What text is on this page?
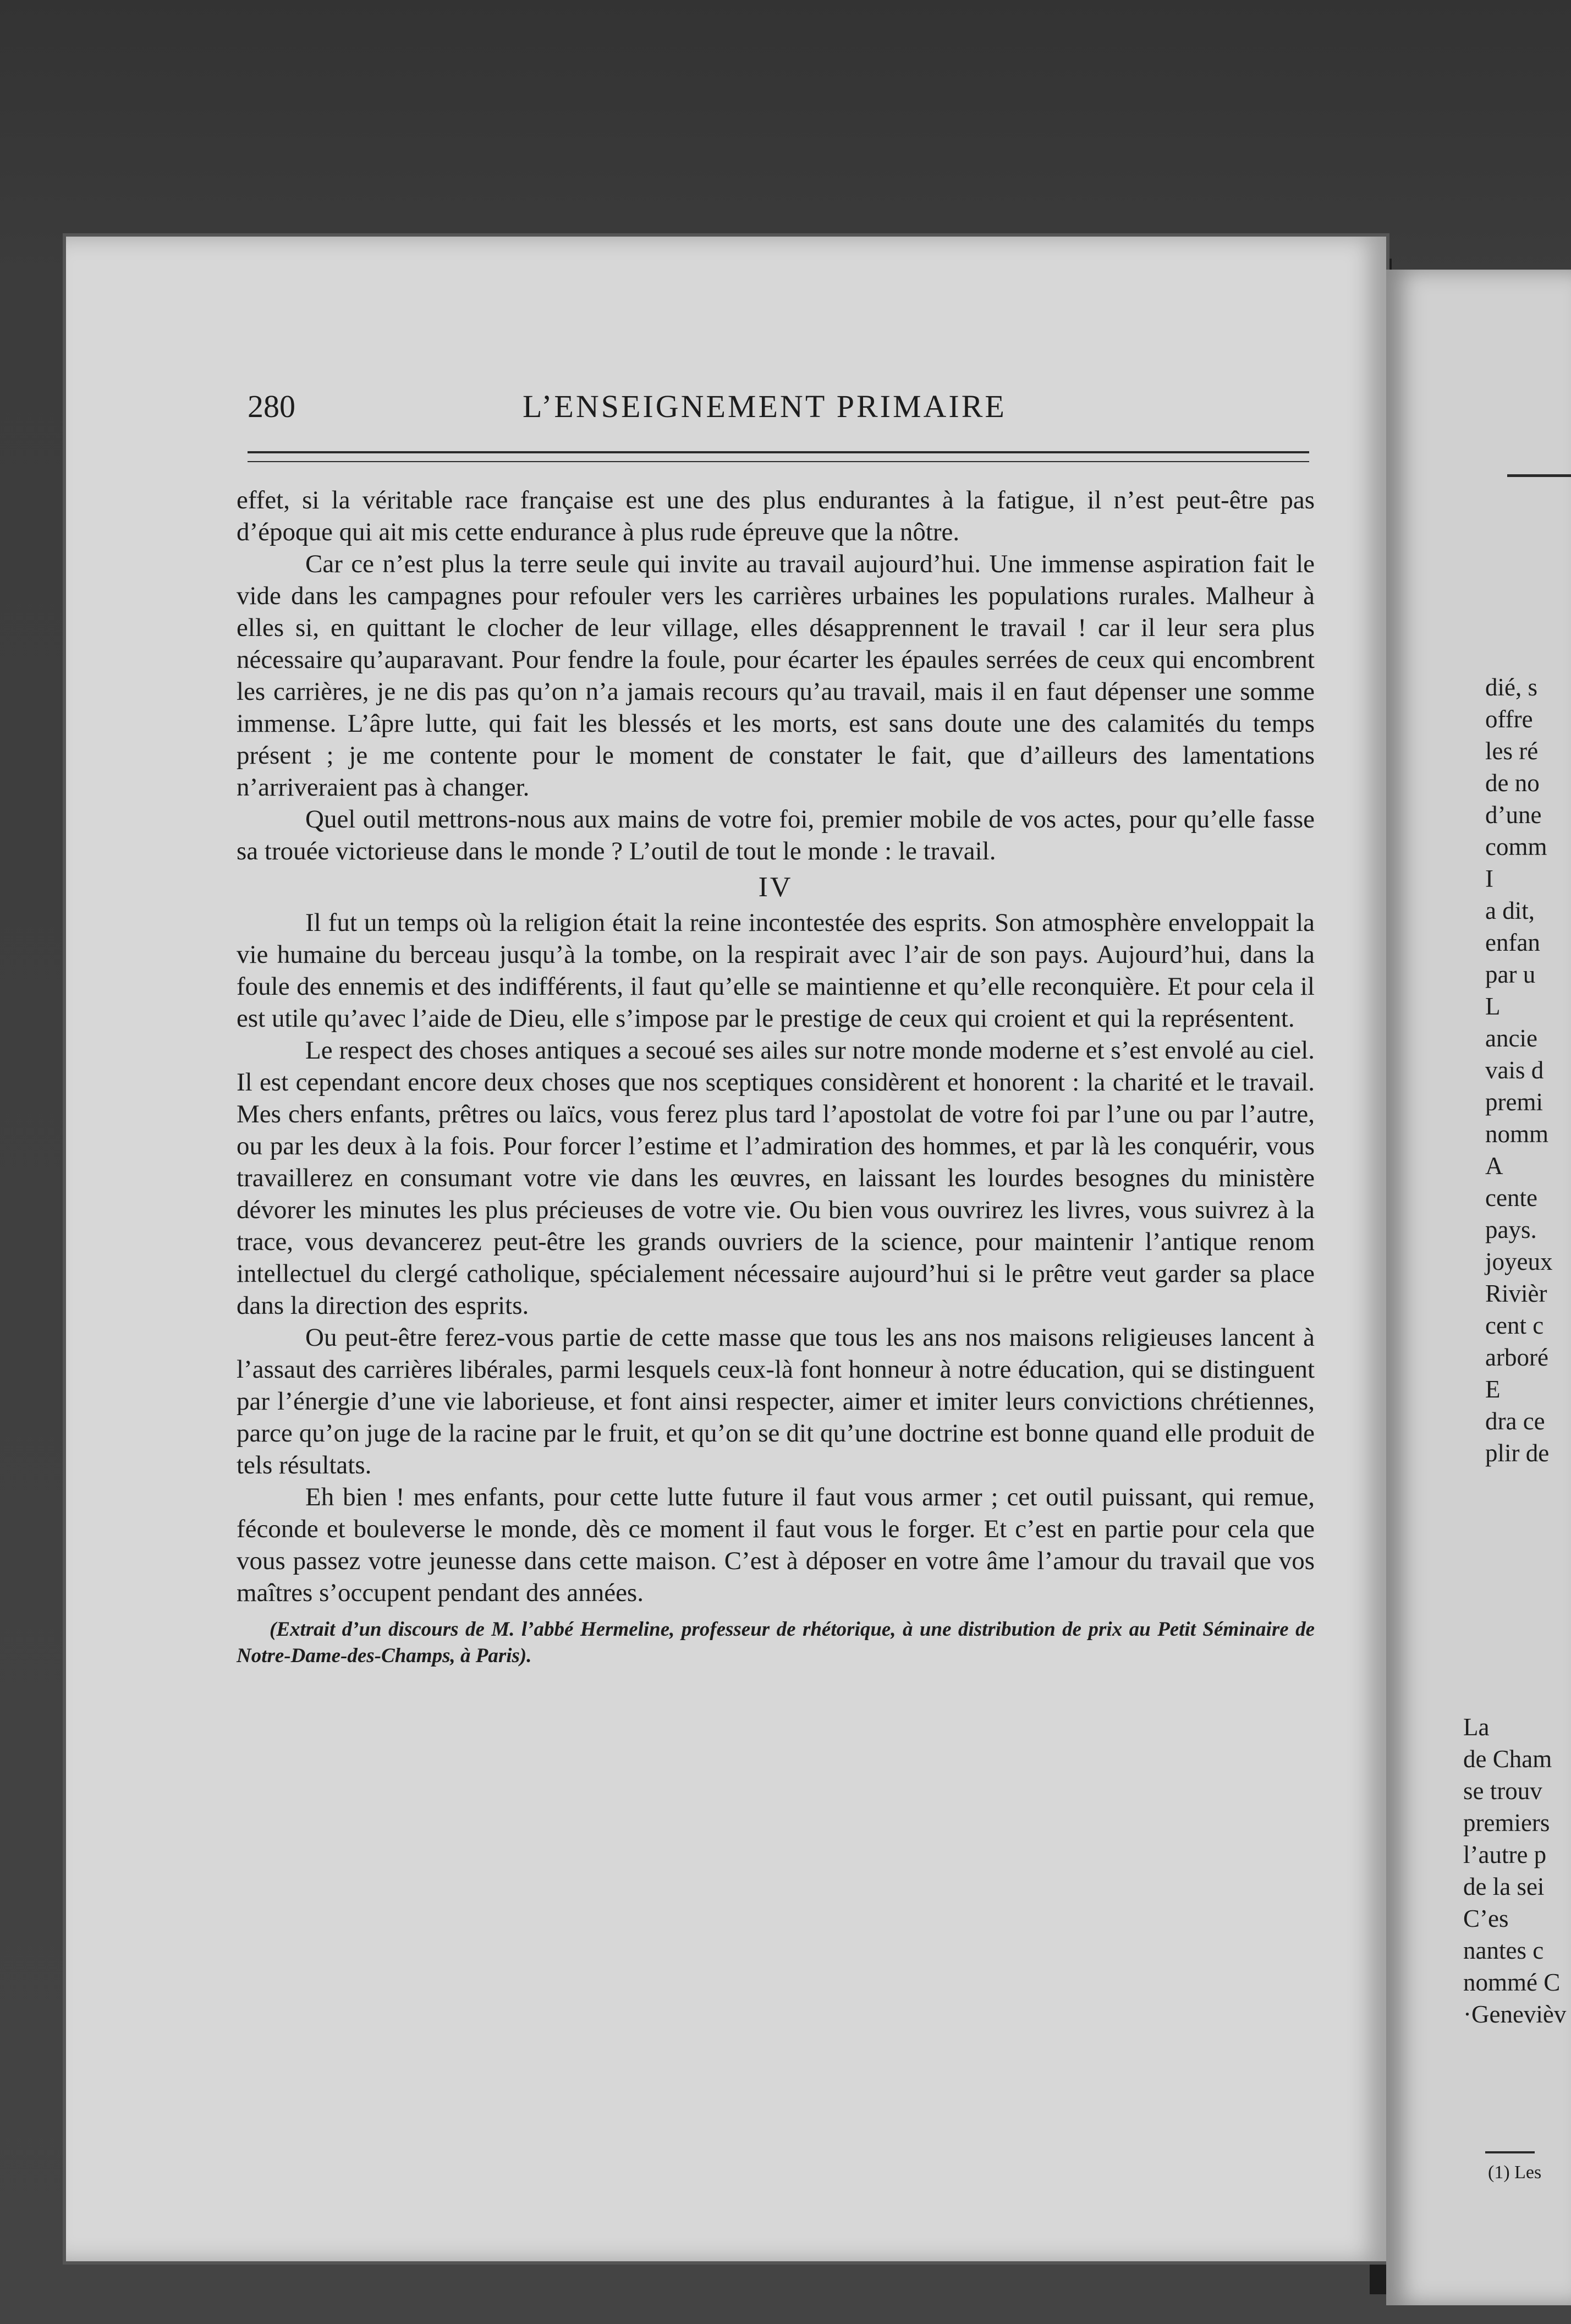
280	L’ENSEIGNEMENT PRIMAIRE

effet, si la véritable race française est une des plus endurantes à la fatigue, il n’est peut-être pas d’époque qui ait mis cette endurance à plus rude épreuve que la nôtre.

Car ce n’est plus la terre seule qui invite au travail aujourd’hui. Une immense aspiration fait le vide dans les campagnes pour refouler vers les carrières urbaines les populations rurales. Malheur à elles si, en quittant le clocher de leur village, elles désapprennent le travail ! car il leur sera plus nécessaire qu’auparavant. Pour fendre la foule, pour écarter les épaules serrées de ceux qui encombrent les carrières, je ne dis pas qu’on n’a jamais recours qu’au travail, mais il en faut dépenser une somme immense. L’âpre lutte, qui fait les blessés et les morts, est sans doute une des calamités du temps présent ; je me contente pour le moment de constater le fait, que d’ailleurs des lamentations n’arriveraient pas à changer.

Quel outil mettrons-nous aux mains de votre foi, premier mobile de vos actes, pour qu’elle fasse sa trouée victorieuse dans le monde ? L’outil de tout le monde : le travail.

IV

Il fut un temps où la religion était la reine incontestée des esprits. Son atmosphère enveloppait la vie humaine du berceau jusqu’à la tombe, on la respirait avec l’air de son pays. Aujourd’hui, dans la foule des ennemis et des indifférents, il faut qu’elle se maintienne et qu’elle reconquière. Et pour cela il est utile qu’avec l’aide de Dieu, elle s’impose par le prestige de ceux qui croient et qui la représentent.

Le respect des choses antiques a secoué ses ailes sur notre monde moderne et s’est envolé au ciel. Il est cependant encore deux choses que nos sceptiques considèrent et honorent : la charité et le travail. Mes chers enfants, prêtres ou laïcs, vous ferez plus tard l’apostolat de votre foi par l’une ou par l’autre, ou par les deux à la fois. Pour forcer l’estime et l’admiration des hommes, et par là les conquérir, vous travaillerez en consumant votre vie dans les œuvres, en laissant les lourdes besognes du ministère dévorer les minutes les plus précieuses de votre vie. Ou bien vous ouvrirez les livres, vous suivrez à la trace, vous devancerez peut-être les grands ouvriers de la science, pour maintenir l’antique renom intellectuel du clergé catholique, spécialement nécessaire aujourd’hui si le prêtre veut garder sa place dans la direction des esprits.

Ou peut-être ferez-vous partie de cette masse que tous les ans nos maisons religieuses lancent à l’assaut des carrières libérales, parmi lesquels ceux-là font honneur à notre éducation, qui se distinguent par l’énergie d’une vie laborieuse, et font ainsi respecter, aimer et imiter leurs convictions chrétiennes, parce qu’on juge de la racine par le fruit, et qu’on se dit qu’une doctrine est bonne quand elle produit de tels résultats.

Eh bien ! mes enfants, pour cette lutte future il faut vous armer ; cet outil puissant, qui remue, féconde et bouleverse le monde, dès ce moment il faut vous le forger. Et c’est en partie pour cela que vous passez votre jeunesse dans cette maison. C’est à déposer en votre âme l’amour du travail que vos maîtres s’occupent pendant des années.

(Extrait d’un discours de M. l’abbé Hermeline, professeur de rhétorique, à une distribution de prix au Petit Séminaire de Notre-Dame-des-Champs, à Paris).

dié, s
offre
les ré
de no
d’une
comm
I
a dit,
enfan
par u
L
ancie
vais d
premi
nomm
A
cente
pays.
joyeux
Rivièr
cent c
arboré
E
dra ce
plir de
La
de Cham
se trouv
premiers
l’autre p
de la sei
C’es
nantes c
nommé C
·Genevièv
(1) Les
